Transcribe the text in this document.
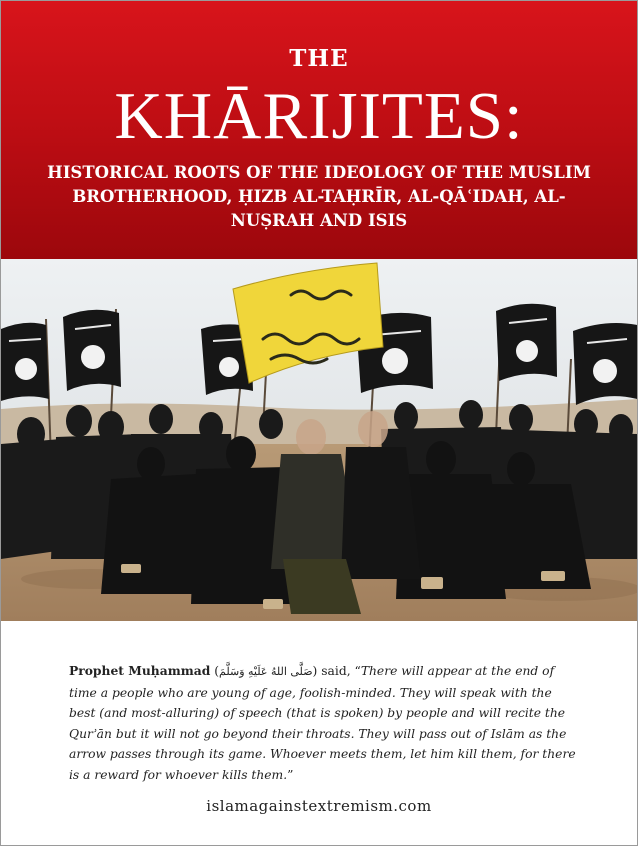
THE
KHĀRIJITES:
HISTORICAL ROOTS OF THE IDEOLOGY OF THE MUSLIM BROTHERHOOD, ḤIZB AL-TAḤRĪR, AL-QĀʿIDAH, AL-NUṢRAH AND ISIS
Prophet Muḥammad (صَلَّى اللهُ عَلَيْهِ وَسَلَّمَ) said, “There will appear at the end of time a people who are young of age, foolish-minded. They will speak with the best (and most-alluring) of speech (that is spoken) by people and will recite the Qurʾān but it will not go beyond their throats. They will pass out of Islām as the arrow passes through its game. Whoever meets them, let him kill them, for there is a reward for whoever kills them.”
islamagainstextremism.com
